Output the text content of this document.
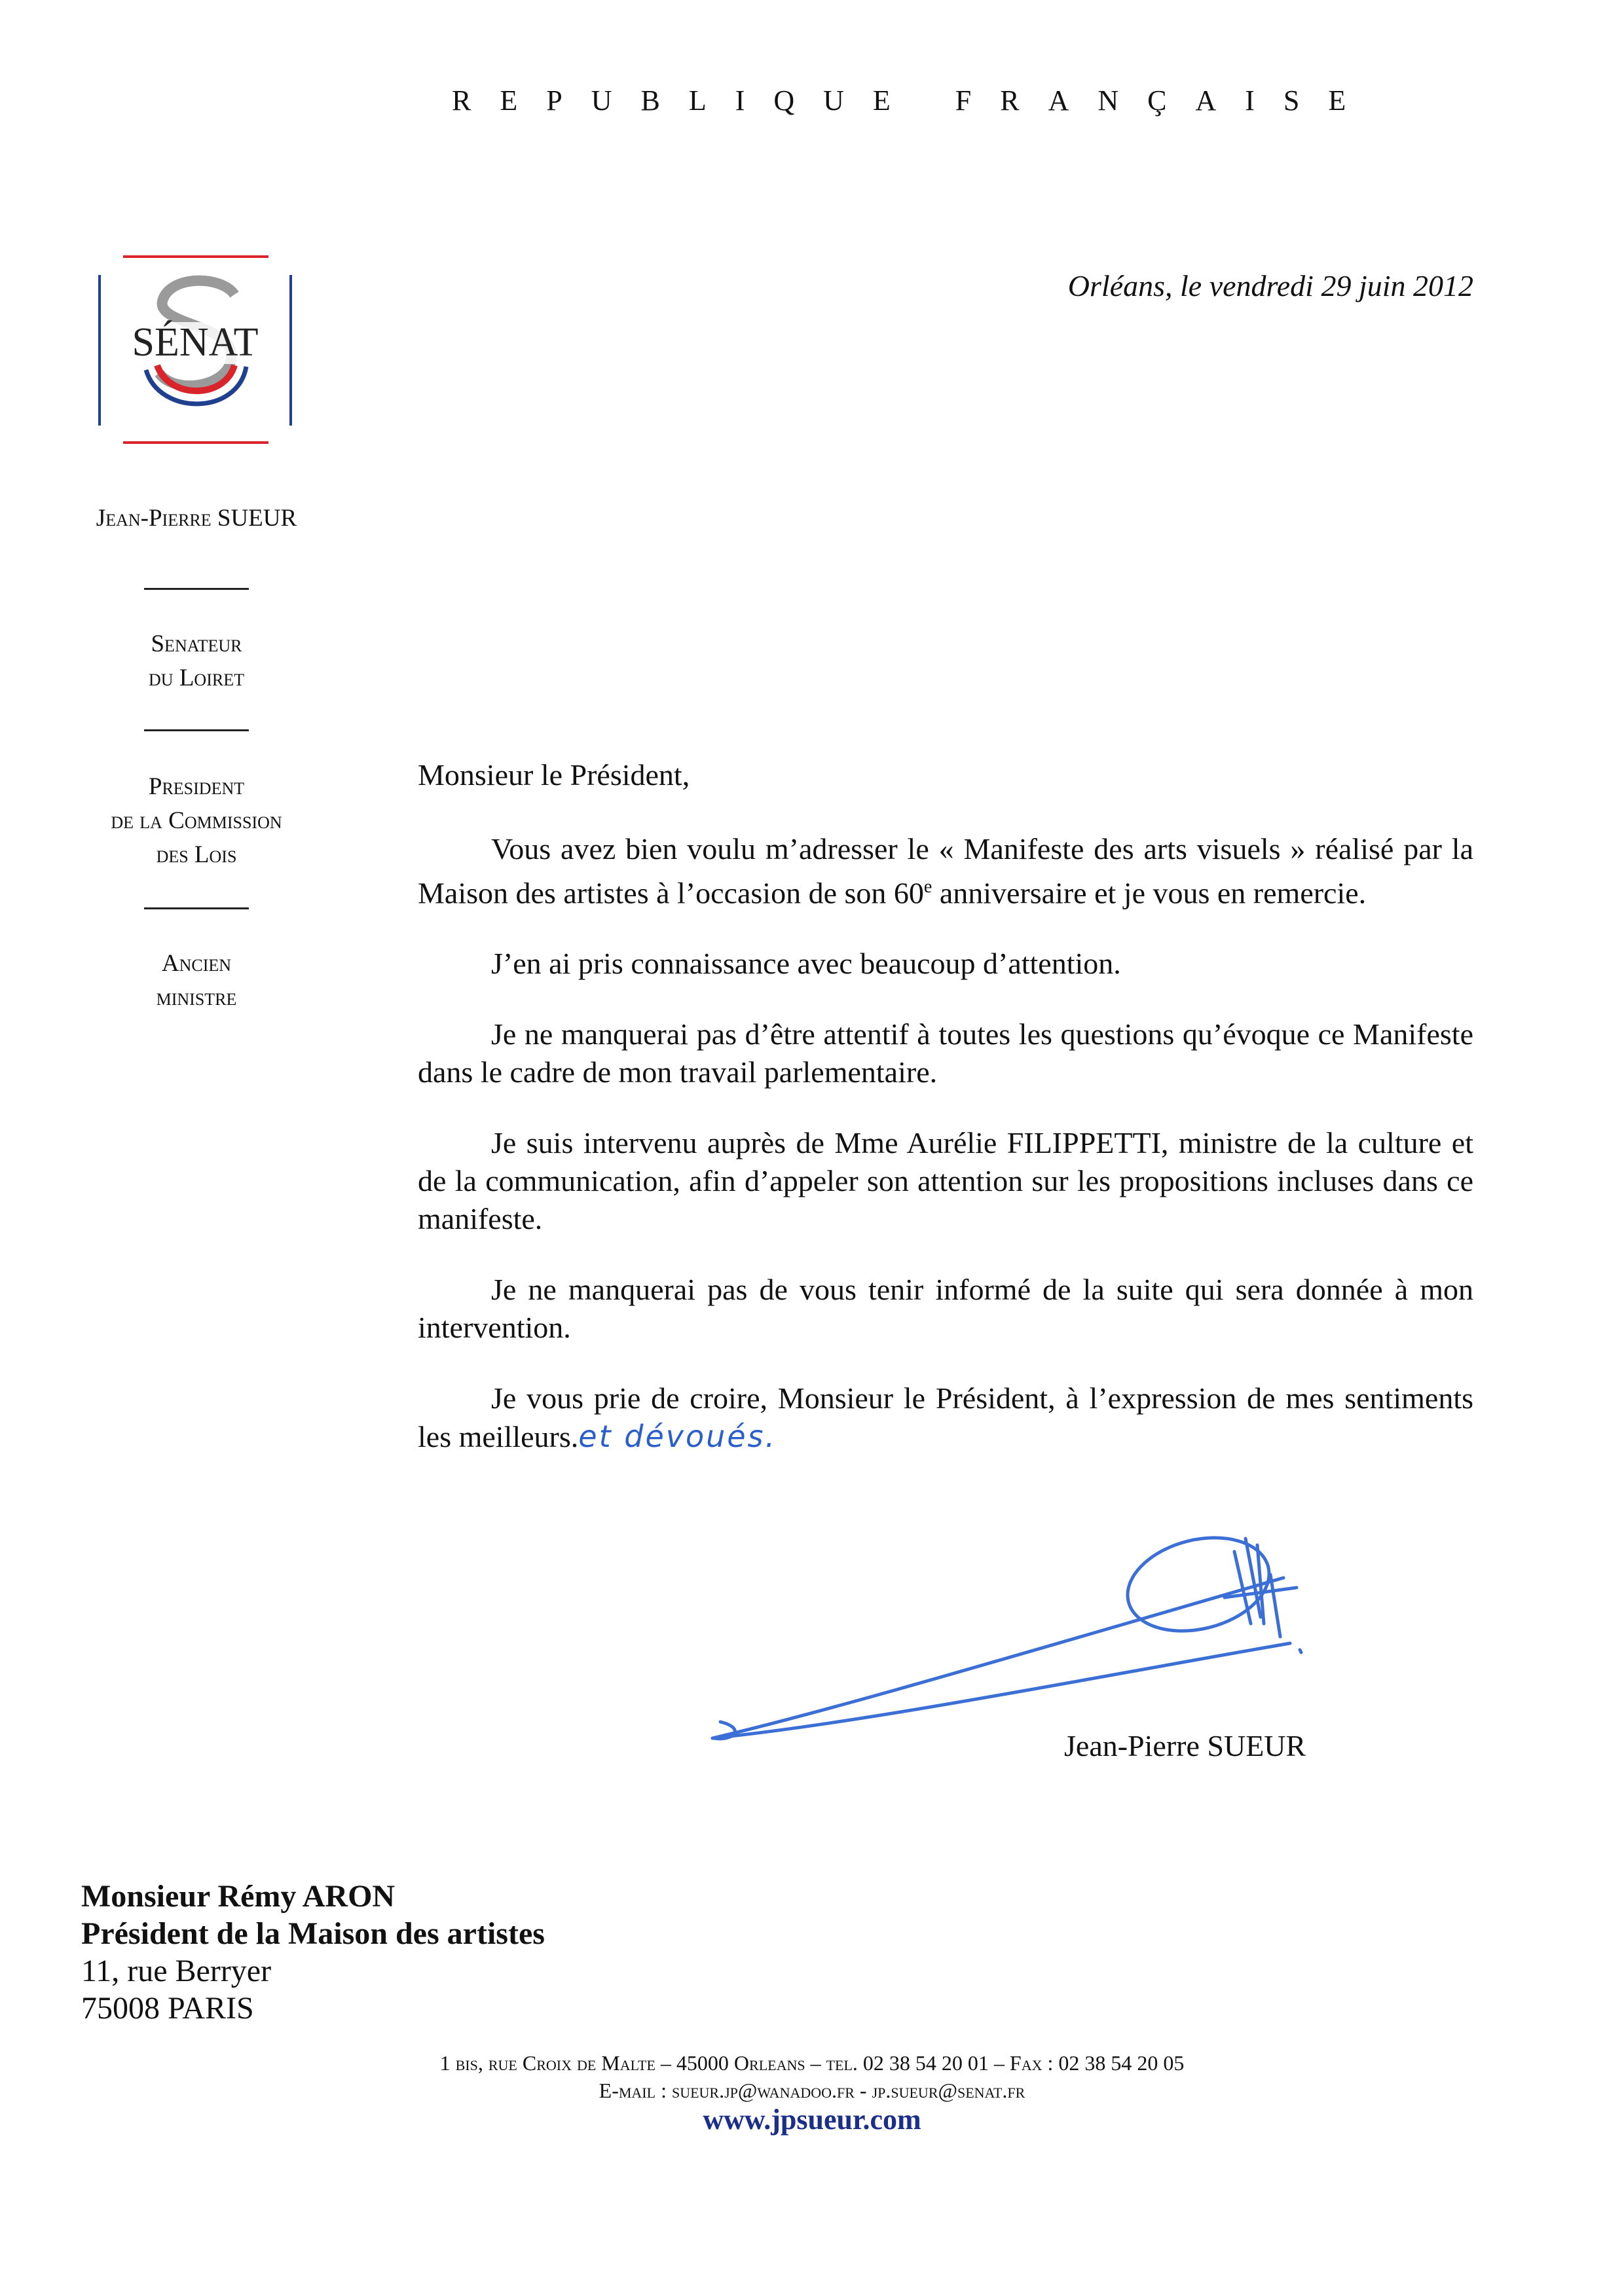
REPUBLIQUE FRANÇAISE
SÉNAT
Jean-Pierre SUEUR
Senateur
du Loiret
President
de la Commission
des Lois
Ancien
ministre
Orléans, le vendredi 29 juin 2012

Monsieur le Président,

Vous avez bien voulu m’adresser le « Manifeste des arts visuels » réalisé par la Maison des artistes à l’occasion de son 60e anniversaire et je vous en remercie.

J’en ai pris connaissance avec beaucoup d’attention.

Je ne manquerai pas d’être attentif à toutes les questions qu’évoque ce Manifeste dans le cadre de mon travail parlementaire.

Je suis intervenu auprès de Mme Aurélie FILIPPETTI, ministre de la culture et de la communication, afin d’appeler son attention sur les propositions incluses dans ce manifeste.

Je ne manquerai pas de vous tenir informé de la suite qui sera donnée à mon intervention.

Je vous prie de croire, Monsieur le Président, à l’expression de mes sentiments les meilleurs.et dévoués.

Jean-Pierre SUEUR
Monsieur Rémy ARON
Président de la Maison des artistes
11, rue Berryer
75008 PARIS
1 bis, rue Croix de Malte – 45000 Orleans – tel. 02 38 54 20 01 – Fax : 02 38 54 20 05
E-mail : sueur.jp@wanadoo.fr - jp.sueur@senat.fr
www.jpsueur.com
